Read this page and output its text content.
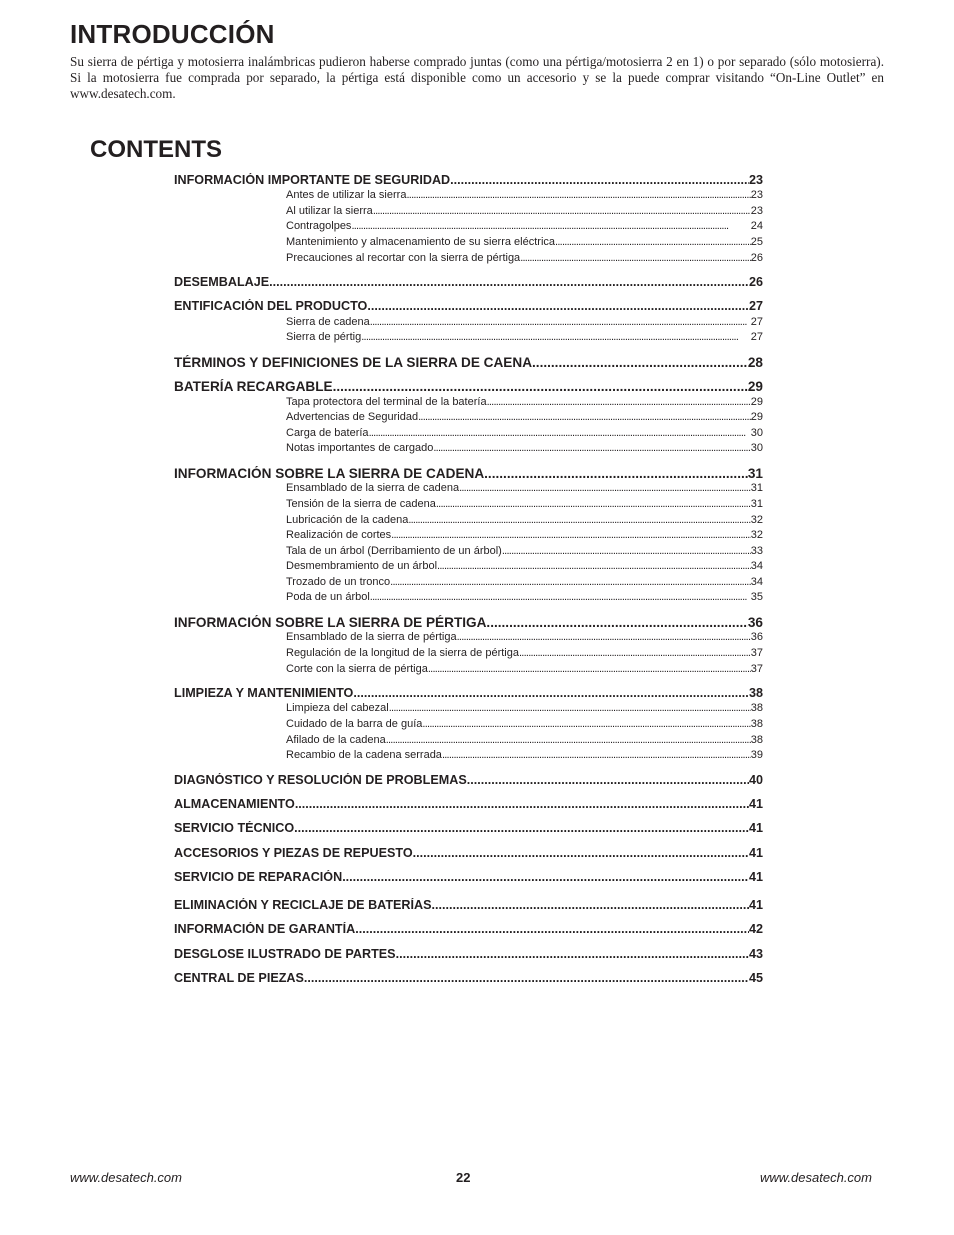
INTRODUCCIÓN

Su sierra de pértiga y motosierra inalámbricas pudieron haberse comprado juntas (como una pértiga/motosierra 2 en 1) o por separado (sólo motosierra). Si la motosierra fue comprada por separado, la pértiga está disponible como un accesorio y se la puede comprar visitando “On-Line Outlet” en www.desatech.com.

CONTENTS
INFORMACIÓN IMPORTANTE DE SEGURIDAD .....	23
Antes de utilizar la sierra . . .	23
Al utilizar la sierra . . .	23
Contragolpes . . .	24
Mantenimiento y almacenamiento de su sierra eléctrica . . .	25
Precauciones al recortar con la sierra de pértiga . . .	26
DESEMBALAJE .....	26
ENTIFICACIÓN DEL PRODUCTO .....	27
Sierra de cadena . . .	27
Sierra de pértig . . .	27
TÉRMINOS Y DEFINICIONES DE LA SIERRA DE CAENA .....	28
BATERÍA RECARGABLE .....	29
Tapa protectora del terminal de la batería . . .	29
Advertencias de Seguridad . . .	29
Carga de batería . . .	30
Notas importantes de cargado . . .	30
INFORMACIÓN SOBRE LA SIERRA DE CADENA .....	31
Ensamblado de la sierra de cadena . . .	31
Tensión de la sierra de cadena . . .	31
Lubricación de la cadena . . .	32
Realización de cortes . . .	32
Tala de un árbol (Derribamiento de un árbol) . . .	33
Desmembramiento de un árbol . . .	34
Trozado de un tronco . . .	34
Poda de un árbol . . .	35
INFORMACIÓN SOBRE LA SIERRA DE PÉRTIGA .....	36
Ensamblado de la sierra de pértiga . . .	36
Regulación de la longitud de la sierra de pértiga . . .	37
Corte con la sierra de pértiga . . .	37
LIMPIEZA Y MANTENIMIENTO .....	38
Limpieza del cabezal . . .	38
Cuidado de la barra de guía . . .	38
Afilado de la cadena . . .	38
Recambio de la cadena serrada . . .	39
DIAGNÓSTICO Y RESOLUCIÓN DE PROBLEMAS .....	40
ALMACENAMIENTO .....	41
SERVICIO TÉCNICO .....	41
ACCESORIOS Y PIEZAS DE REPUESTO .....	41
SERVICIO DE REPARACIÓN .....	41
ELIMINACIÓN Y RECICLAJE DE BATERÍAS .....	41
INFORMACIÓN DE GARANTÍA .....	42
DESGLOSE ILUSTRADO DE PARTES .....	43
CENTRAL DE PIEZAS .....	45
www.desatech.com	22	www.desatech.com
